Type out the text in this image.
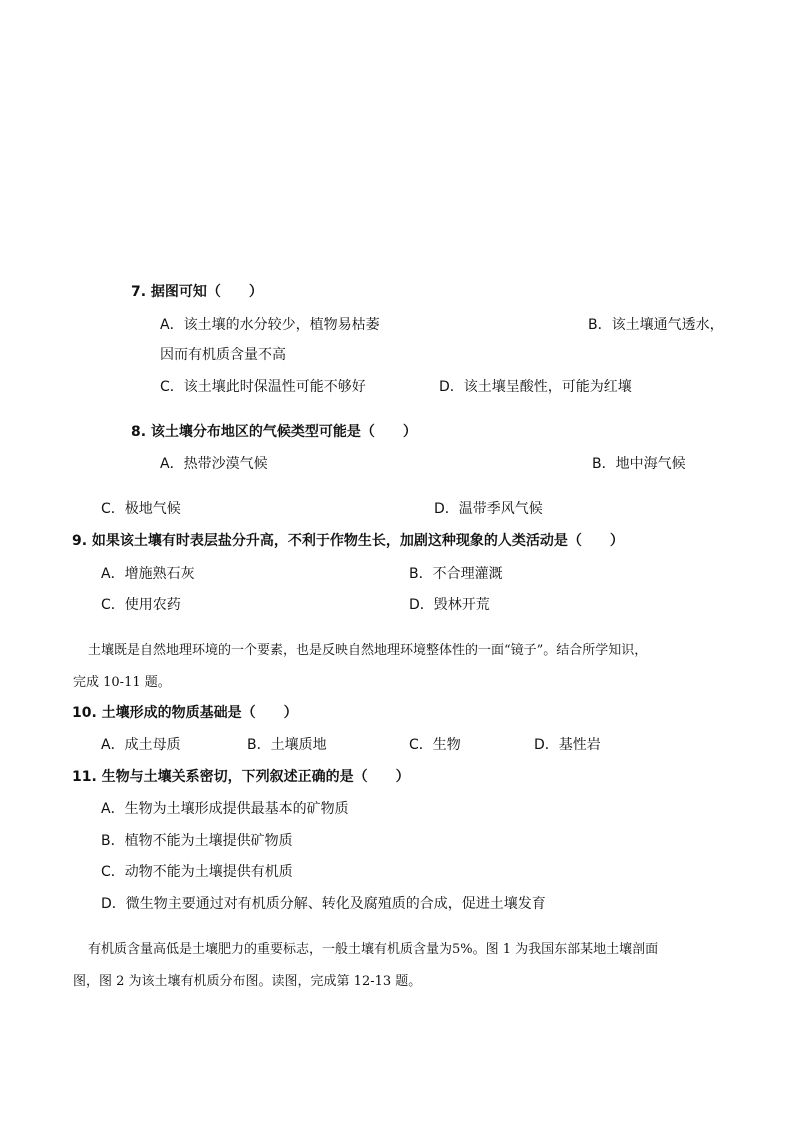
7. 据图可知（　　）
A．该土壤的水分较少，植物易枯萎	B．该土壤通气透水，
因而有机质含量不高
C．该土壤此时保温性可能不够好	D．该土壤呈酸性，可能为红壤
8. 该土壤分布地区的气候类型可能是（　　）
A．热带沙漠气候	B．地中海气候
C．极地气候	D．温带季风气候
9. 如果该土壤有时表层盐分升高，不利于作物生长，加剧这种现象的人类活动是（　　）
A．增施熟石灰	B．不合理灌溉
C．使用农药	D．毁林开荒
土壤既是自然地理环境的一个要素，也是反映自然地理环境整体性的一面“镜子”。结合所学知识，
完成 10-11 题。
10. 土壤形成的物质基础是（　　）
A．成土母质	B．土壤质地	C．生物	D．基性岩
11. 生物与土壤关系密切，下列叙述正确的是（　　）
A．生物为土壤形成提供最基本的矿物质
B．植物不能为土壤提供矿物质
C．动物不能为土壤提供有机质
D．微生物主要通过对有机质分解、转化及腐殖质的合成，促进土壤发育
有机质含量高低是土壤肥力的重要标志，一般土壤有机质含量为5%。图 1 为我国东部某地土壤剖面
图，图 2 为该土壤有机质分布图。读图，完成第 12-13 题。
